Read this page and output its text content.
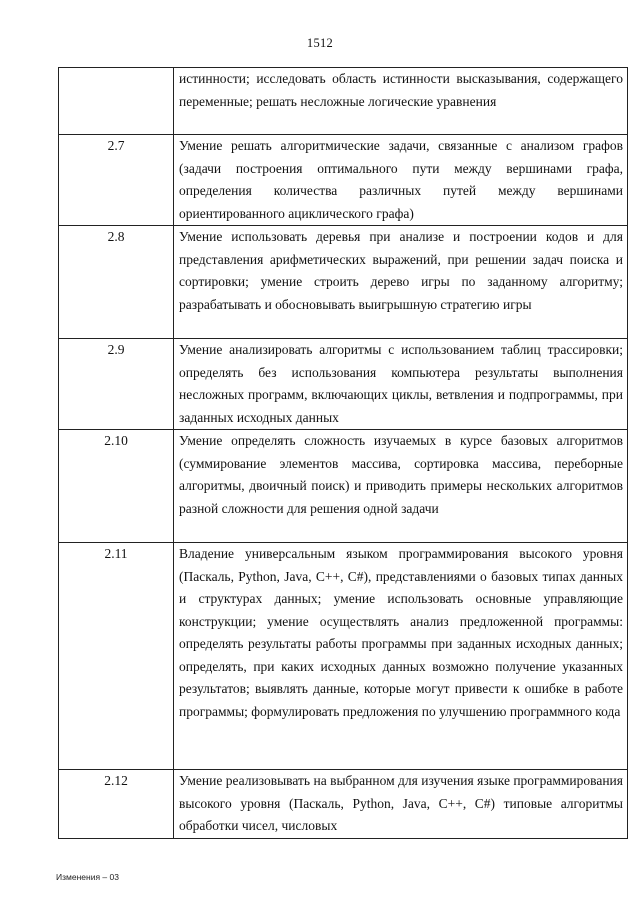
1512
	истинности; исследовать область истинности высказывания, содержащего переменные; решать несложные логические уравнения
2.7	Умение решать алгоритмические задачи, связанные с анализом графов (задачи построения оптимального пути между вершинами графа, определения количества различных путей между вершинами ориентированного ациклического графа)
2.8	Умение использовать деревья при анализе и построении кодов и для представления арифметических выражений, при решении задач поиска и сортировки; умение строить дерево игры по заданному алгоритму; разрабатывать и обосновывать выигрышную стратегию игры
2.9	Умение анализировать алгоритмы с использованием таблиц трассировки; определять без использования компьютера результаты выполнения несложных программ, включающих циклы, ветвления и подпрограммы, при заданных исходных данных
2.10	Умение определять сложность изучаемых в курсе базовых алгоритмов (суммирование элементов массива, сортировка массива, переборные алгоритмы, двоичный поиск) и приводить примеры нескольких алгоритмов разной сложности для решения одной задачи
2.11	Владение универсальным языком программирования высокого уровня (Паскаль, Python, Java, C++, C#), представлениями о базовых типах данных и структурах данных; умение использовать основные управляющие конструкции; умение осуществлять анализ предложенной программы: определять результаты работы программы при заданных исходных данных; определять, при каких исходных данных возможно получение указанных результатов; выявлять данные, которые могут привести к ошибке в работе программы; формулировать предложения по улучшению программного кода
2.12	Умение реализовывать на выбранном для изучения языке программирования высокого уровня (Паскаль, Python, Java, C++, C#) типовые алгоритмы обработки чисел, числовых
Изменения – 03
